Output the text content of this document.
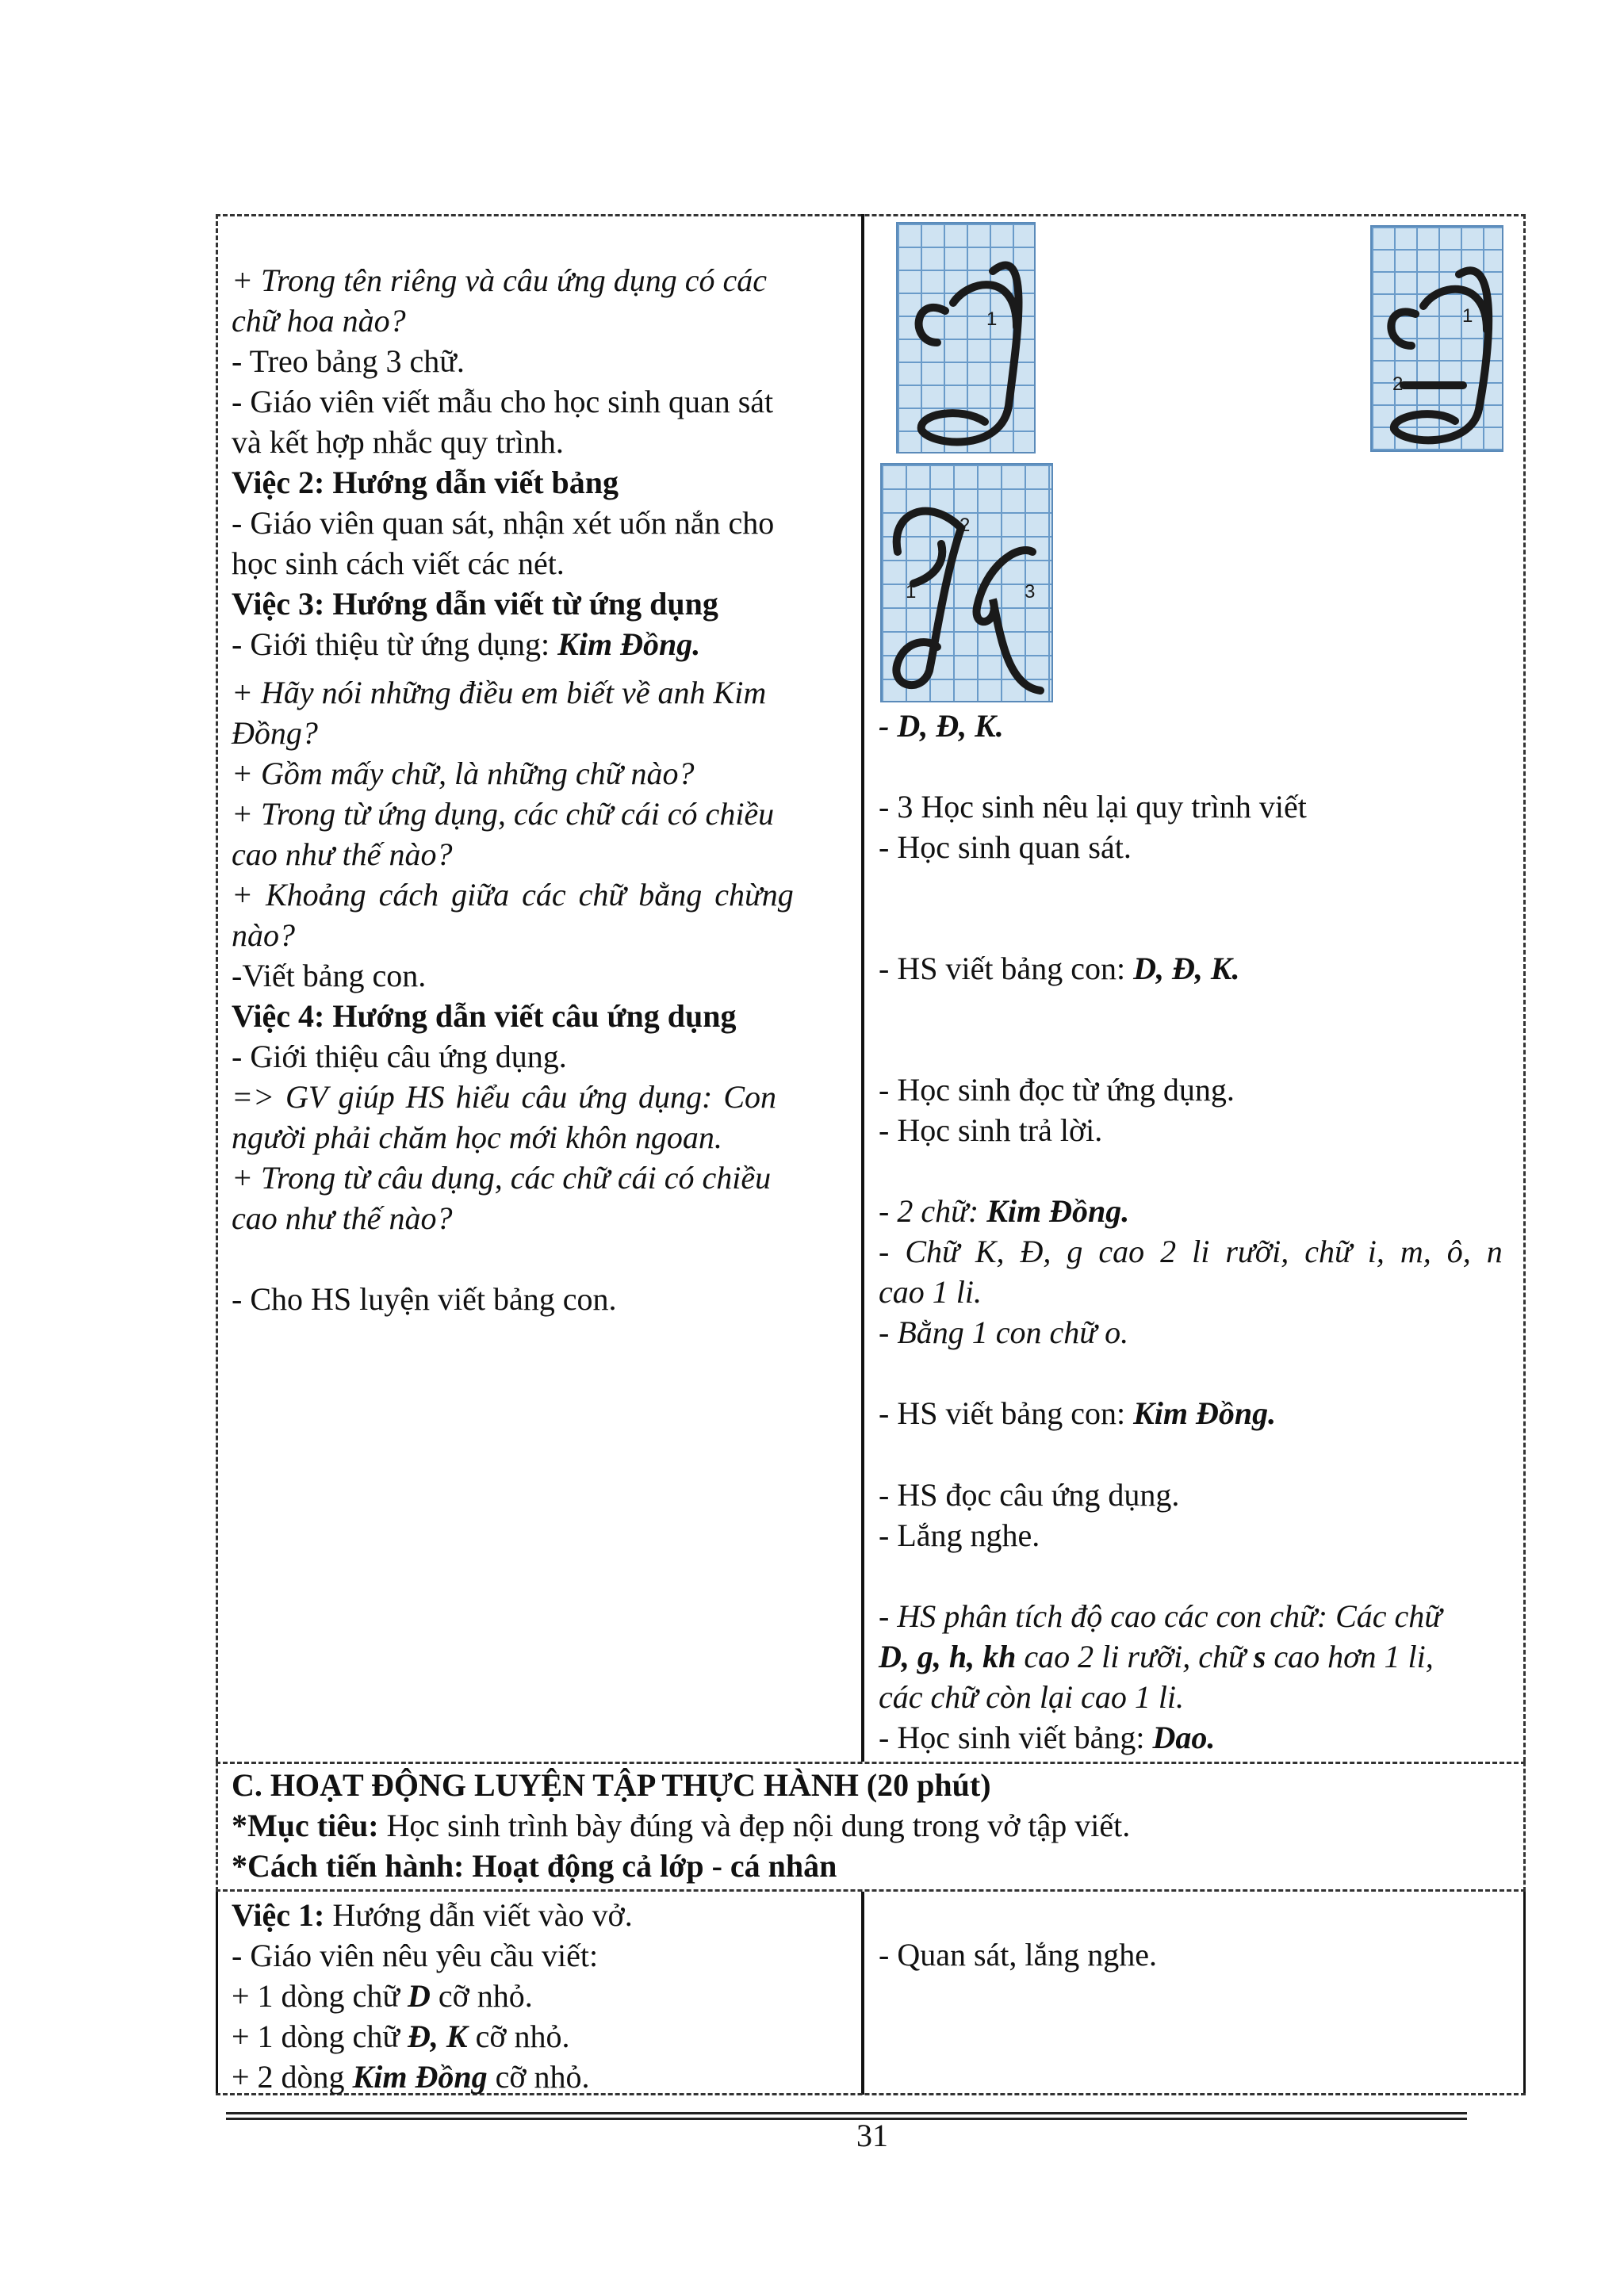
+ Trong tên riêng và câu ứng dụng có các
chữ hoa nào?
- Treo bảng 3 chữ.
- Giáo viên viết mẫu cho học sinh quan sát
và kết hợp nhắc quy trình.
Việc 2: Hướng dẫn viết bảng
- Giáo viên quan sát, nhận xét uốn nắn cho
học sinh cách viết các nét.
Việc 3: Hướng dẫn viết từ ứng dụng
- Giới thiệu từ ứng dụng: Kim Đồng.
+ Hãy nói những điều em biết về anh Kim
Đồng?
+ Gồm mấy chữ, là những chữ nào?
+ Trong từ ứng dụng, các chữ cái có chiều
cao như thế nào?
+ Khoảng cách giữa các chữ bằng chừng
nào?
-Viết bảng con.
Việc 4: Hướng dẫn viết câu ứng dụng
- Giới thiệu câu ứng dụng.
=> GV giúp HS hiểu câu ứng dụng: Con
người phải chăm học mới khôn ngoan.
+ Trong từ câu dụng, các chữ cái có chiều
cao như thế nào?
- Cho HS luyện viết bảng con.
1	1
2
1
2
3
- D, Đ, K.
- 3 Học sinh nêu lại quy trình viết
- Học sinh quan sát.
- HS viết bảng con: D, Đ, K.
- Học sinh đọc từ ứng dụng.
- Học sinh trả lời.
- 2 chữ: Kim Đồng.
- Chữ K, Đ, g cao 2 li rưỡi, chữ i, m, ô, n
cao 1 li.
- Bằng 1 con chữ o.
- HS viết bảng con: Kim Đồng.
- HS đọc câu ứng dụng.
- Lắng nghe.
- HS phân tích độ cao các con chữ: Các chữ
D, g, h, kh cao 2 li rưỡi, chữ s cao hơn 1 li,
các chữ còn lại cao 1 li.
- Học sinh viết bảng: Dao.
C. HOẠT ĐỘNG LUYỆN TẬP THỰC HÀNH (20 phút)
*Mục tiêu: Học sinh trình bày đúng và đẹp nội dung trong vở tập viết.
*Cách tiến hành: Hoạt động cả lớp - cá nhân
Việc 1: Hướng dẫn viết vào vở.
- Giáo viên nêu yêu cầu viết:
+ 1 dòng chữ D cỡ nhỏ.
+ 1 dòng chữ Đ, K cỡ nhỏ.
+ 2 dòng Kim Đồng cỡ nhỏ.
- Quan sát, lắng nghe.
31
